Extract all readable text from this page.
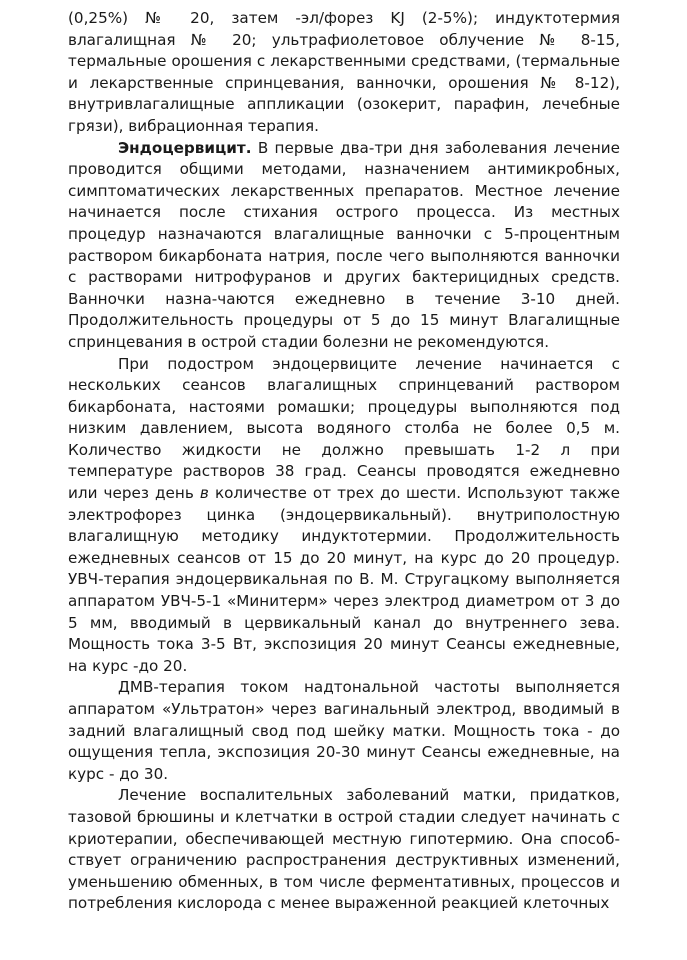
(0,25%) № 20, затем -эл/форез KJ (2-5%); индуктотермия влагалищная № 20; ультрафиолетовое облучение № 8-15, термальные орошения с лекарственными средствами, (термальные и лекарственные спринцевания, ванночки, орошения № 8-12), внутривлагалищные аппликации (озокерит, парафин, лечебные грязи), вибрационная терапия.

Эндоцервицит. В первые два-три дня заболевания лечение проводится общими методами, назначением антимикробных, симптоматических лекарственных препаратов. Местное лечение начинается после стихания острого процесса. Из местных процедур назначаются влагалищные ванночки с 5-процентным раствором бикарбоната натрия, после чего выполняются ванночки с растворами нитрофуранов и других бактерицидных средств. Ванночки назна-чаются ежедневно в течение 3-10 дней. Продолжительность процедуры от 5 до 15 минут Влагалищные спринцевания в острой стадии болезни не рекомендуются.

При подостром эндоцервиците лечение начинается с нескольких сеансов влагалищных спринцеваний раствором бикарбоната, настоями ромашки; процедуры выполняются под низким давлением, высота водяного столба не более 0,5 м. Количество жидкости не должно превышать 1-2 л при температуре растворов 38 град. Сеансы проводятся ежедневно или через день в количестве от трех до шести. Используют также электрофорез цинка (эндоцервикальный). внутриполостную влагалищную методику индуктотермии. Продолжительность ежедневных сеансов от 15 до 20 минут, на курс до 20 процедур. УВЧ-терапия эндоцервикальная по В. М. Стругацкому выполняется аппаратом УВЧ-5-1 «Минитерм» через электрод диаметром от 3 до 5 мм, вводимый в цервикальный канал до внутреннего зева. Мощность тока 3-5 Вт, экспозиция 20 минут Сеансы ежедневные, на курс -до 20.

ДМВ-терапия током надтональной частоты выполняется аппаратом «Ультратон» через вагинальный электрод, вводимый в задний влагалищный свод под шейку матки. Мощность тока - до ощущения тепла, экспозиция 20-30 минут Сеансы ежедневные, на курс - до 30.

Лечение воспалительных заболеваний матки, придатков, тазовой брюшины и клетчатки в острой стадии следует начинать с криотерапии, обеспечивающей местную гипотермию. Она способ-ствует ограничению распространения деструктивных изменений, уменьшению обменных, в том числе ферментативных, процессов и потребления кислорода с менее выраженной реакцией клеточных
